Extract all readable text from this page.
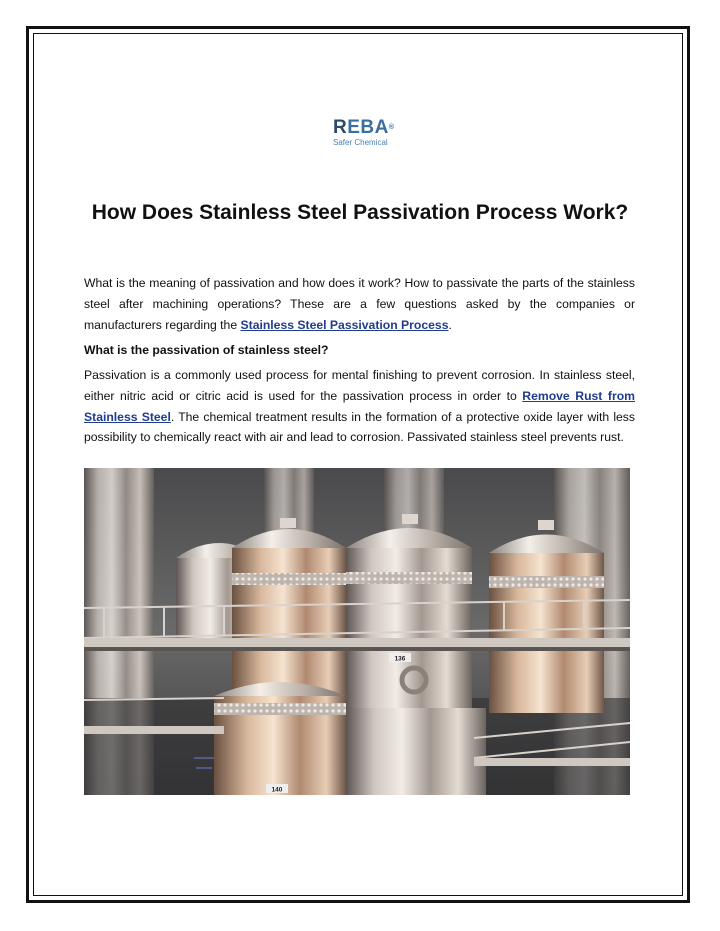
REBA®
Safer Chemical
How Does Stainless Steel Passivation Process Work?

What is the meaning of passivation and how does it work? How to passivate the parts of the stainless steel after machining operations? These are a few questions asked by the companies or manufacturers regarding the Stainless Steel Passivation Process.

What is the passivation of stainless steel?

Passivation is a commonly used process for mental finishing to prevent corrosion. In stainless steel, either nitric acid or citric acid is used for the passivation process in order to Remove Rust from Stainless Steel. The chemical treatment results in the formation of a protective oxide layer with less possibility to chemically react with air and lead to corrosion. Passivated stainless steel prevents rust.

140
136
